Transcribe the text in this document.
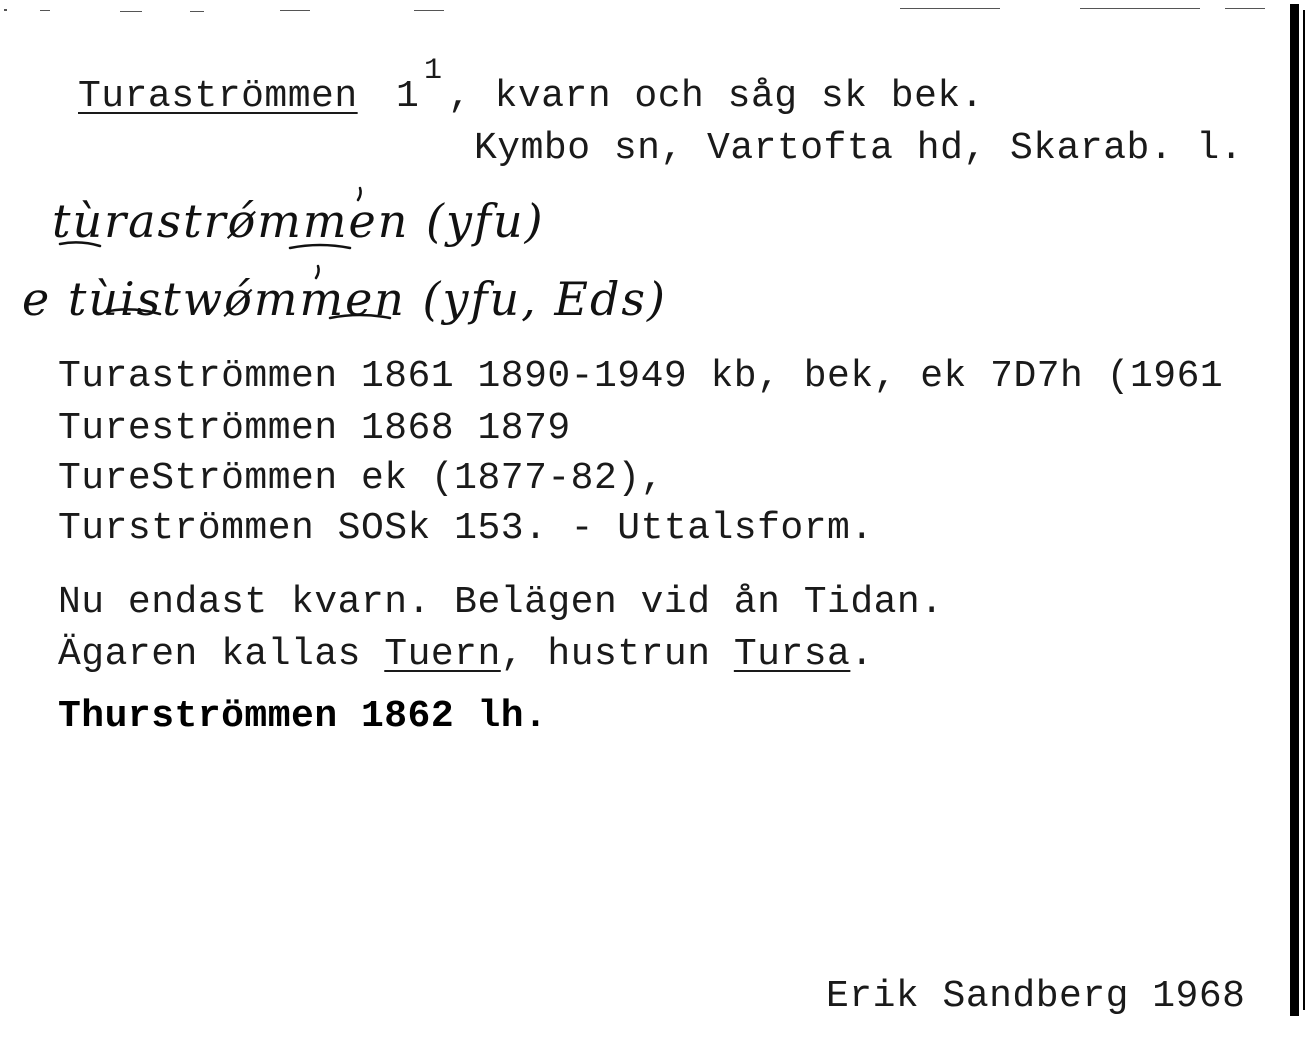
Turaströmmen 1
1
, kvarn och såg sk bek.
Kymbo sn, Vartofta hd, Skarab. l.
tùrastrǿmmen (yfu)
e tùistwǿmmen (yfu, Eds)
Turaströmmen 1861 1890-1949 kb, bek, ek 7D7h (1961
Tureströmmen 1868 1879
TureStrömmen ek (1877-82),
Turströmmen SOSk 153. - Uttalsform.
Nu endast kvarn. Belägen vid ån Tidan.
Ägaren kallas Tuern, hustrun Tursa.
Thurströmmen 1862 lh.
Erik Sandberg 1968
